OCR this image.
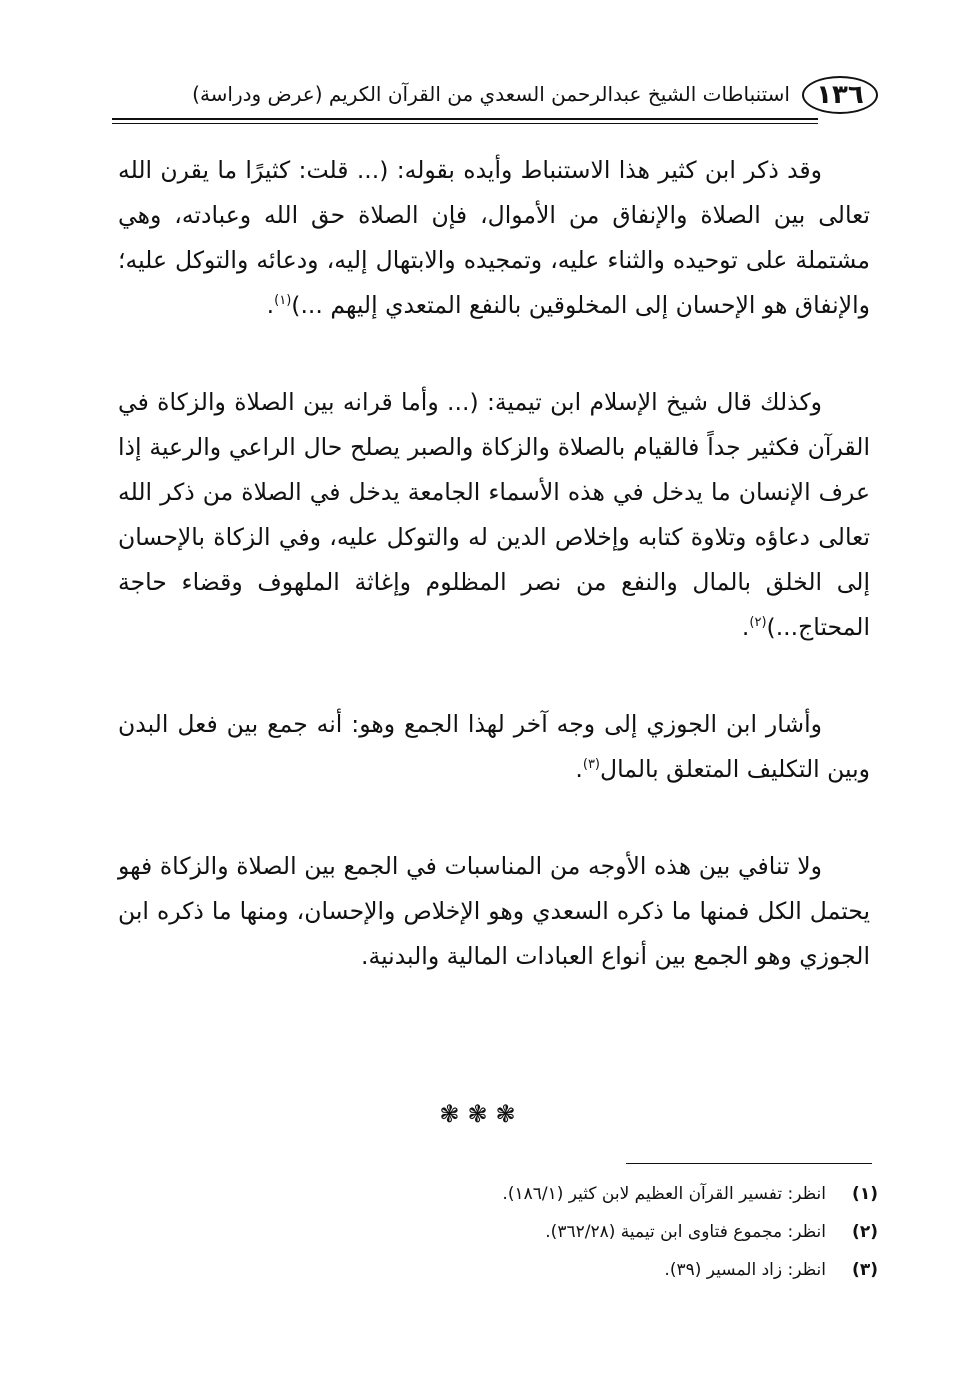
١٣٦
استنباطات الشيخ عبدالرحمن السعدي من القرآن الكريم (عرض ودراسة)

وقد ذكر ابن كثير هذا الاستنباط وأيده بقوله: (... قلت: كثيرًا ما يقرن الله تعالى بين الصلاة والإنفاق من الأموال، فإن الصلاة حق الله وعبادته، وهي مشتملة على توحيده والثناء عليه، وتمجيده والابتهال إليه، ودعائه والتوكل عليه؛ والإنفاق هو الإحسان إلى المخلوقين بالنفع المتعدي إليهم ...)$^{(١)}$.

وكذلك قال شيخ الإسلام ابن تيمية: (... وأما قرانه بين الصلاة والزكاة في القرآن فكثير جداً فالقيام بالصلاة والزكاة والصبر يصلح حال الراعي والرعية إذا عرف الإنسان ما يدخل في هذه الأسماء الجامعة يدخل في الصلاة من ذكر الله تعالى دعاؤه وتلاوة كتابه وإخلاص الدين له والتوكل عليه، وفي الزكاة بالإحسان إلى الخلق بالمال والنفع من نصر المظلوم وإغاثة الملهوف وقضاء حاجة المحتاج...)$^{(٢)}$.

وأشار ابن الجوزي إلى وجه آخر لهذا الجمع وهو: أنه جمع بين فعل البدن وبين التكليف المتعلق بالمال$^{(٣)}$.

ولا تنافي بين هذه الأوجه من المناسبات في الجمع بين الصلاة والزكاة فهو يحتمل الكل فمنها ما ذكره السعدي وهو الإخلاص والإحسان، ومنها ما ذكره ابن الجوزي وهو الجمع بين أنواع العبادات المالية والبدنية.

❃❃❃
(١)
انظر: تفسير القرآن العظيم لابن كثير (١٨٦/١).
(٢)
انظر: مجموع فتاوى ابن تيمية (٣٦٢/٢٨).
(٣)
انظر: زاد المسير (٣٩).
